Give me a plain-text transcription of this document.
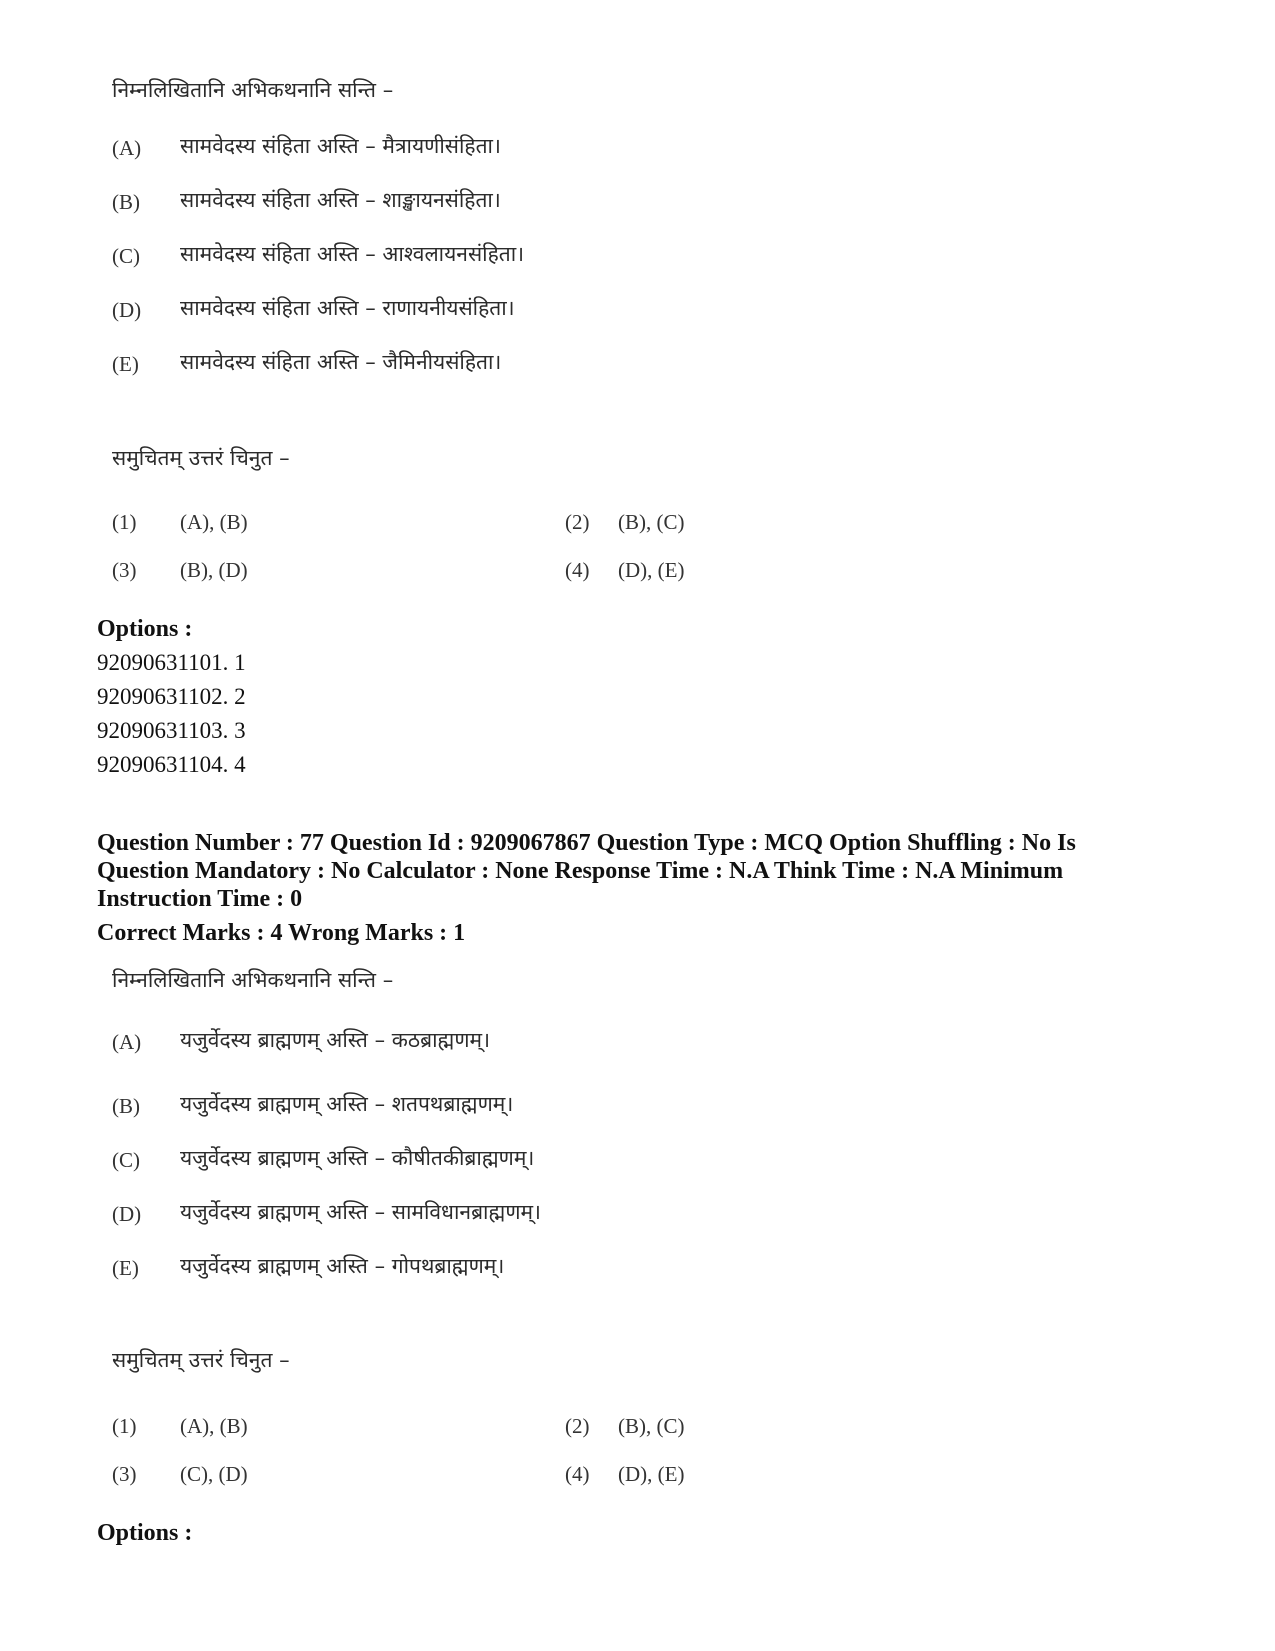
निम्नलिखितानि अभिकथनानि सन्ति –
(A) सामवेदस्य संहिता अस्ति – मैत्रायणीसंहिता।
(B) सामवेदस्य संहिता अस्ति – शाङ्खायनसंहिता।
(C) सामवेदस्य संहिता अस्ति – आश्वलायनसंहिता।
(D) सामवेदस्य संहिता अस्ति – राणायनीयसंहिता।
(E) सामवेदस्य संहिता अस्ति – जैमिनीयसंहिता।
समुचितम् उत्तरं चिनुत –
(1) (A), (B)	(2) (B), (C)
(3) (B), (D)	(4) (D), (E)
Options :
92090631101. 1
92090631102. 2
92090631103. 3
92090631104. 4
Question Number : 77 Question Id : 9209067867 Question Type : MCQ Option Shuffling : No Is
Question Mandatory : No Calculator : None Response Time : N.A Think Time : N.A Minimum
Instruction Time : 0
Correct Marks : 4 Wrong Marks : 1
निम्नलिखितानि अभिकथनानि सन्ति –
(A) यजुर्वेदस्य ब्राह्मणम् अस्ति – कठब्राह्मणम्।
(B) यजुर्वेदस्य ब्राह्मणम् अस्ति – शतपथब्राह्मणम्।
(C) यजुर्वेदस्य ब्राह्मणम् अस्ति – कौषीतकीब्राह्मणम्।
(D) यजुर्वेदस्य ब्राह्मणम् अस्ति – सामविधानब्राह्मणम्।
(E) यजुर्वेदस्य ब्राह्मणम् अस्ति – गोपथब्राह्मणम्।
समुचितम् उत्तरं चिनुत –
(1) (A), (B)	(2) (B), (C)
(3) (C), (D)	(4) (D), (E)
Options :
